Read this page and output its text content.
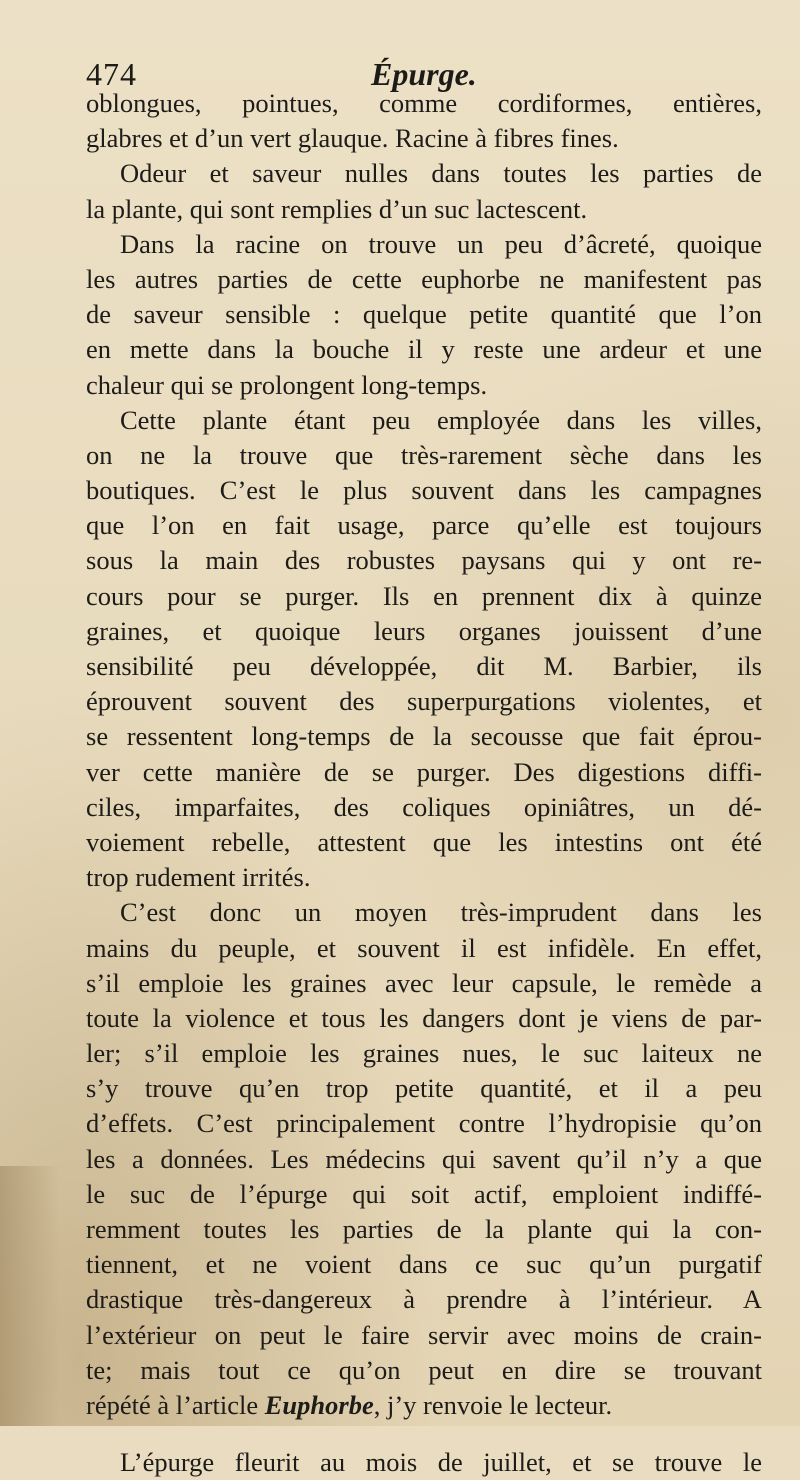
474	Épurge.
oblongues, pointues, comme cordiformes, entières,
glabres et d’un vert glauque. Racine à fibres fines.
Odeur et saveur nulles dans toutes les parties de
la plante, qui sont remplies d’un suc lactescent.
Dans la racine on trouve un peu d’âcreté, quoique
les autres parties de cette euphorbe ne manifestent pas
de saveur sensible : quelque petite quantité que l’on
en mette dans la bouche il y reste une ardeur et une
chaleur qui se prolongent long-temps.
Cette plante étant peu employée dans les villes,
on ne la trouve que très-rarement sèche dans les
boutiques. C’est le plus souvent dans les campagnes
que l’on en fait usage, parce qu’elle est toujours
sous la main des robustes paysans qui y ont re-
cours pour se purger. Ils en prennent dix à quinze
graines, et quoique leurs organes jouissent d’une
sensibilité peu développée, dit M. Barbier, ils
éprouvent souvent des superpurgations violentes, et
se ressentent long-temps de la secousse que fait éprou-
ver cette manière de se purger. Des digestions diffi-
ciles, imparfaites, des coliques opiniâtres, un dé-
voiement rebelle, attestent que les intestins ont été
trop rudement irrités.
C’est donc un moyen très-imprudent dans les
mains du peuple, et souvent il est infidèle. En effet,
s’il emploie les graines avec leur capsule, le remède a
toute la violence et tous les dangers dont je viens de par-
ler; s’il emploie les graines nues, le suc laiteux ne
s’y trouve qu’en trop petite quantité, et il a peu
d’effets. C’est principalement contre l’hydropisie qu’on
les a données. Les médecins qui savent qu’il n’y a que
le suc de l’épurge qui soit actif, emploient indiffé-
remment toutes les parties de la plante qui la con-
tiennent, et ne voient dans ce suc qu’un purgatif
drastique très-dangereux à prendre à l’intérieur. A
l’extérieur on peut le faire servir avec moins de crain-
te; mais tout ce qu’on peut en dire se trouvant
répété à l’article Euphorbe, j’y renvoie le lecteur.
L’épurge fleurit au mois de juillet, et se trouve le
